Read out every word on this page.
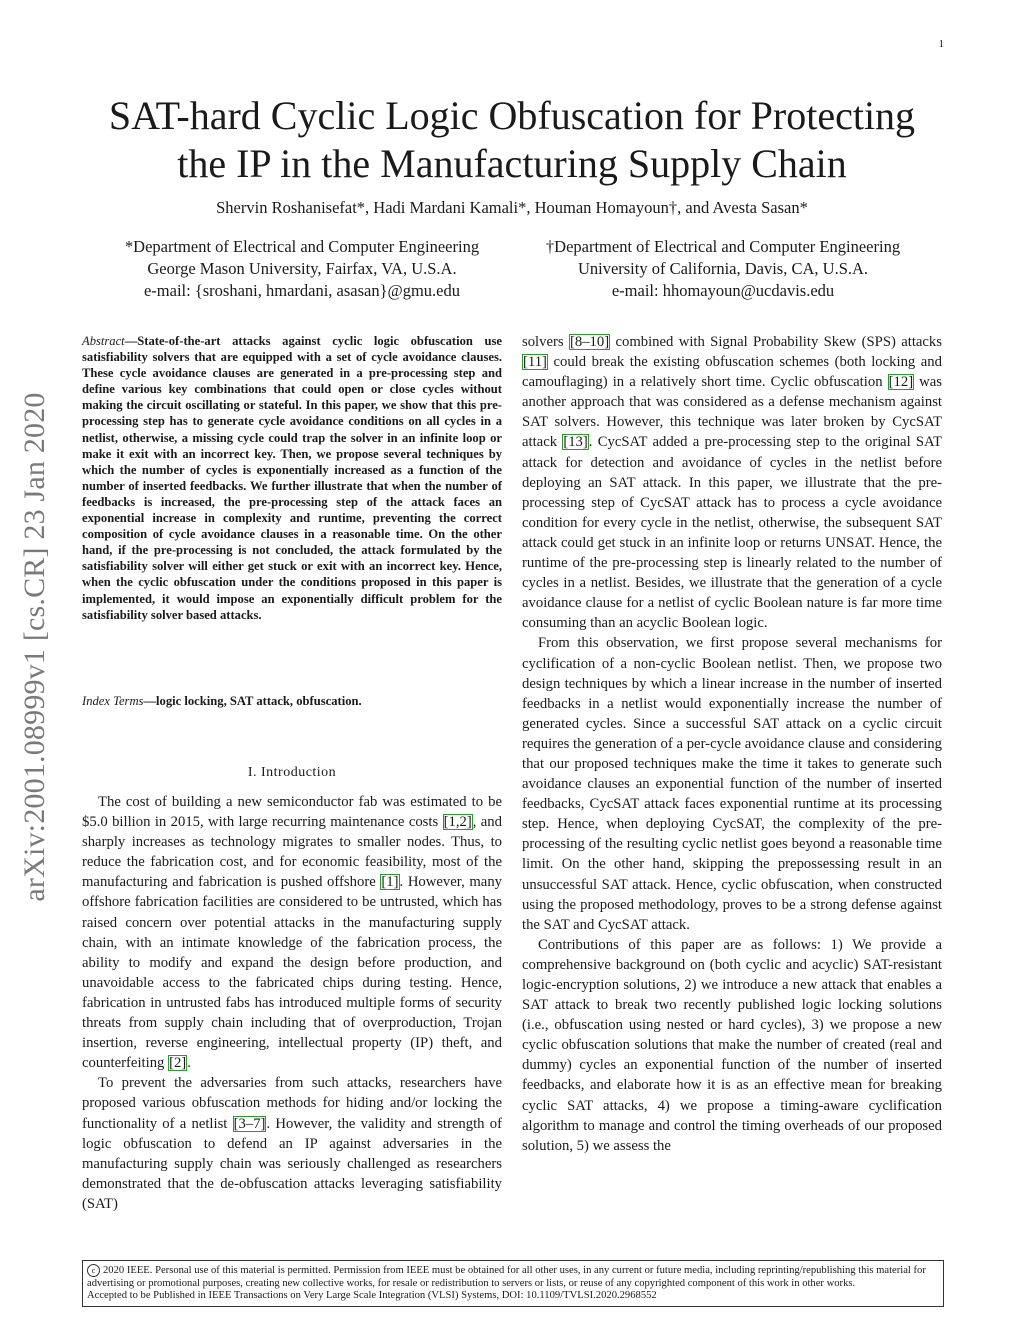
1
SAT-hard Cyclic Logic Obfuscation for Protecting
the IP in the Manufacturing Supply Chain
Shervin Roshanisefat*, Hadi Mardani Kamali*, Houman Homayoun†, and Avesta Sasan*
*Department of Electrical and Computer Engineering
George Mason University, Fairfax, VA, U.S.A.
e-mail: {sroshani, hmardani, asasan}@gmu.edu
†Department of Electrical and Computer Engineering
University of California, Davis, CA, U.S.A.
e-mail: hhomayoun@ucdavis.edu
arXiv:2001.08999v1 [cs.CR] 23 Jan 2020
Abstract—State-of-the-art attacks against cyclic logic obfuscation use satisfiability solvers that are equipped with a set of cycle avoidance clauses. These cycle avoidance clauses are generated in a pre-processing step and define various key combinations that could open or close cycles without making the circuit oscillating or stateful. In this paper, we show that this pre-processing step has to generate cycle avoidance conditions on all cycles in a netlist, otherwise, a missing cycle could trap the solver in an infinite loop or make it exit with an incorrect key. Then, we propose several techniques by which the number of cycles is exponentially increased as a function of the number of inserted feedbacks. We further illustrate that when the number of feedbacks is increased, the pre-processing step of the attack faces an exponential increase in complexity and runtime, preventing the correct composition of cycle avoidance clauses in a reasonable time. On the other hand, if the pre-processing is not concluded, the attack formulated by the satisfiability solver will either get stuck or exit with an incorrect key. Hence, when the cyclic obfuscation under the conditions proposed in this paper is implemented, it would impose an exponentially difficult problem for the satisfiability solver based attacks.
Index Terms—logic locking, SAT attack, obfuscation.
I. Introduction

The cost of building a new semiconductor fab was estimated to be $5.0 billion in 2015, with large recurring maintenance costs [1,2], and sharply increases as technology migrates to smaller nodes. Thus, to reduce the fabrication cost, and for economic feasibility, most of the manufacturing and fabrication is pushed offshore [1]. However, many offshore fabrication facilities are considered to be untrusted, which has raised concern over potential attacks in the manufacturing supply chain, with an intimate knowledge of the fabrication process, the ability to modify and expand the design before production, and unavoidable access to the fabricated chips during testing. Hence, fabrication in untrusted fabs has introduced multiple forms of security threats from supply chain including that of overproduction, Trojan insertion, reverse engineering, intellectual property (IP) theft, and counterfeiting [2].

To prevent the adversaries from such attacks, researchers have proposed various obfuscation methods for hiding and/or locking the functionality of a netlist [3–7]. However, the validity and strength of logic obfuscation to defend an IP against adversaries in the manufacturing supply chain was seriously challenged as researchers demonstrated that the de-obfuscation attacks leveraging satisfiability (SAT)

solvers [8–10] combined with Signal Probability Skew (SPS) attacks [11] could break the existing obfuscation schemes (both locking and camouflaging) in a relatively short time. Cyclic obfuscation [12] was another approach that was considered as a defense mechanism against SAT solvers. However, this technique was later broken by CycSAT attack [13]. CycSAT added a pre-processing step to the original SAT attack for detection and avoidance of cycles in the netlist before deploying an SAT attack. In this paper, we illustrate that the pre-processing step of CycSAT attack has to process a cycle avoidance condition for every cycle in the netlist, otherwise, the subsequent SAT attack could get stuck in an infinite loop or returns UNSAT. Hence, the runtime of the pre-processing step is linearly related to the number of cycles in a netlist. Besides, we illustrate that the generation of a cycle avoidance clause for a netlist of cyclic Boolean nature is far more time consuming than an acyclic Boolean logic.

From this observation, we first propose several mechanisms for cyclification of a non-cyclic Boolean netlist. Then, we propose two design techniques by which a linear increase in the number of inserted feedbacks in a netlist would exponentially increase the number of generated cycles. Since a successful SAT attack on a cyclic circuit requires the generation of a per-cycle avoidance clause and considering that our proposed techniques make the time it takes to generate such avoidance clauses an exponential function of the number of inserted feedbacks, CycSAT attack faces exponential runtime at its processing step. Hence, when deploying CycSAT, the complexity of the pre-processing of the resulting cyclic netlist goes beyond a reasonable time limit. On the other hand, skipping the prepossessing result in an unsuccessful SAT attack. Hence, cyclic obfuscation, when constructed using the proposed methodology, proves to be a strong defense against the SAT and CycSAT attack.

Contributions of this paper are as follows: 1) We provide a comprehensive background on (both cyclic and acyclic) SAT-resistant logic-encryption solutions, 2) we introduce a new attack that enables a SAT attack to break two recently published logic locking solutions (i.e., obfuscation using nested or hard cycles), 3) we propose a new cyclic obfuscation solutions that make the number of created (real and dummy) cycles an exponential function of the number of inserted feedbacks, and elaborate how it is as an effective mean for breaking cyclic SAT attacks, 4) we propose a timing-aware cyclification algorithm to manage and control the timing overheads of our proposed solution, 5) we assess the

c 2020 IEEE. Personal use of this material is permitted. Permission from IEEE must be obtained for all other uses, in any current or future media, including reprinting/republishing this material for advertising or promotional purposes, creating new collective works, for resale or redistribution to servers or lists, or reuse of any copyrighted component of this work in other works.
Accepted to be Published in IEEE Transactions on Very Large Scale Integration (VLSI) Systems, DOI: 10.1109/TVLSI.2020.2968552
